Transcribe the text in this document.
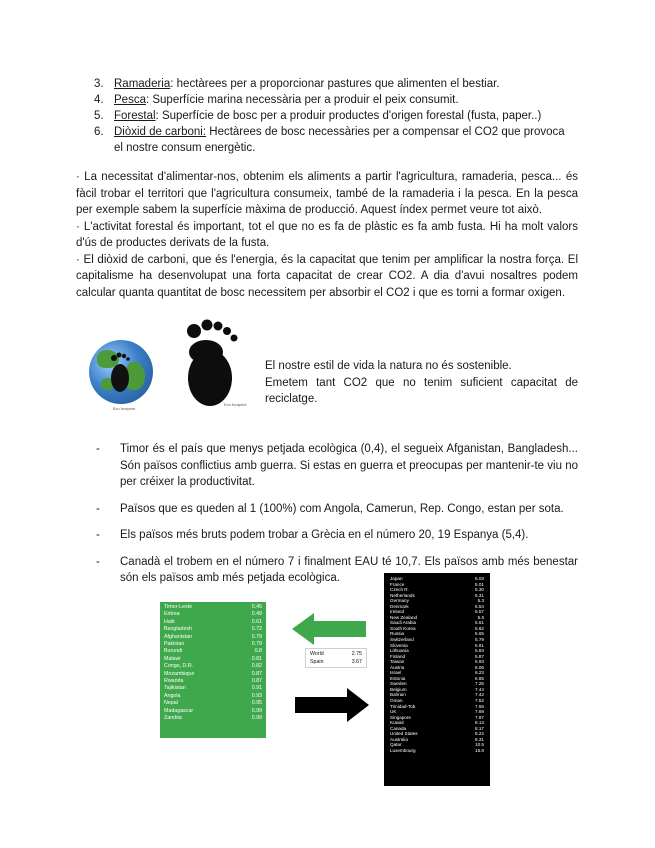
3. Ramaderia: hectàrees per a proporcionar pastures que alimenten el bestiar.
4. Pesca: Superfície marina necessària per a produir el peix consumit.
5. Forestal: Superfície de bosc per a produir productes d'origen forestal (fusta, paper..)
6. Diòxid de carboni: Hectàrees de bosc necessàries per a compensar el CO2 que provoca el nostre consum energètic.

· La necessitat d'alimentar-nos, obtenim els aliments a partir l'agricultura, ramaderia, pesca... és fàcil trobar el territori que l'agricultura consumeix, també de la ramaderia i la pesca. En la pesca per exemple sabem la superfície màxima de producció. Aquest índex permet veure tot això.

· L'activitat forestal és important, tot el que no es fa de plàstic es fa amb fusta. Hi ha molt valors d'ús de productes derivats de la fusta.

· El diòxid de carboni, que és l'energia, és la capacitat que tenim per amplificar la nostra força. El capitalisme ha desenvolupat una forta capacitat de crear CO2. A dia d'avui nosaltres podem calcular quanta quantitat de bosc necessitem per absorbir el CO2 i que es torni a formar oxigen.

Eco footprint
Eco footprint
El nostre estil de vida la natura no és sostenible.
Emetem tant CO2 que no tenim suficient capacitat de reciclatge.
-	Timor és el país que menys petjada ecològica (0,4), el segueix Afganistan, Bangladesh... Són països conflictius amb guerra. Si estas en guerra et preocupas per mantenir-te viu no per créixer la productivitat.
-	Països que es queden al 1 (100%) com Angola, Camerun, Rep. Congo, estan per sota.
-	Els països més bruts podem trobar a Grècia en el número 20, 19 Espanya (5,4).
-	Canadà el trobem en el número 7 i finalment EAU té 10,7. Els països amb més benestar són els països amb més petjada ecològica.
Timor-Leste	0.45
Eritrea	0.49
Haiti	0.61
Bangladesh	0.72
Afghanistan	0.79
Pakistan	0.79
Burundi	0.8
Malawi	0.81
Congo, D.R.	0.82
Mozambique	0.87
Rwanda	0.87
Tajikistan	0.91
Angola	0.93
Nepal	0.95
Madagascar	0.99
Zambia	0.99
World	2.75
Spain	3.67
Japan	5.03
France	5.01
Czech R.	5.30
Netherlands	5.31
Germany	5.3
Denmark	5.54
Ireland	5.57
New Zealand	5.6
Saudi Arabia	5.61
South Korea	5.62
Russia	5.65
Switzerland	5.79
Slovenia	5.81
Lithuania	5.83
Finland	5.87
Taiwan	5.93
Austria	6.06
Israel	6.23
Estonia	6.85
Sweden	7.25
Belgium	7.44
Bahrain	7.42
Oman	7.52
Trinidad-Tob	7.55
UK	7.69
Singapore	7.97
Kuwait	8.13
Canada	8.17
United States	8.22
Australia	9.31
Qatar	10.5
Luxembourg	15.8
